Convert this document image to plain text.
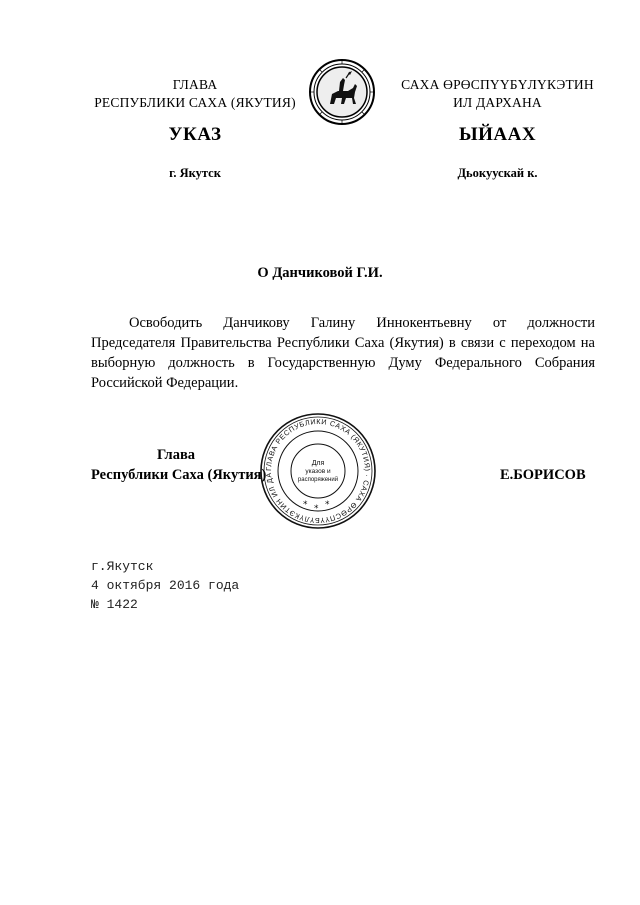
ГЛАВА
РЕСПУБЛИКИ САХА (ЯКУТИЯ)
САХА ӨРӨСПҮҮБҮЛҮКЭТИН
ИЛ ДАРХАНА
УКАЗ	ЫЙААХ
г. Якутск	Дьокуускай к.
О Данчиковой Г.И.
Освободить Данчикову Галину Иннокентьевну от должности Председателя Правительства Республики Саха (Якутия) в связи с переходом на выборную должность в Государственную Думу Федерального Собрания Российской Федерации.
Глава
Республики Саха (Якутия)	Е.БОРИСОВ
ГЛАВА РЕСПУБЛИКИ САХА (ЯКУТИЯ) · САХА ӨРӨСПҮҮБҮЛҮКЭТИН ИЛ ДА
* * *
Для
указов и
распоряжений
г.Якутск
4 октября 2016 года
№ 1422
